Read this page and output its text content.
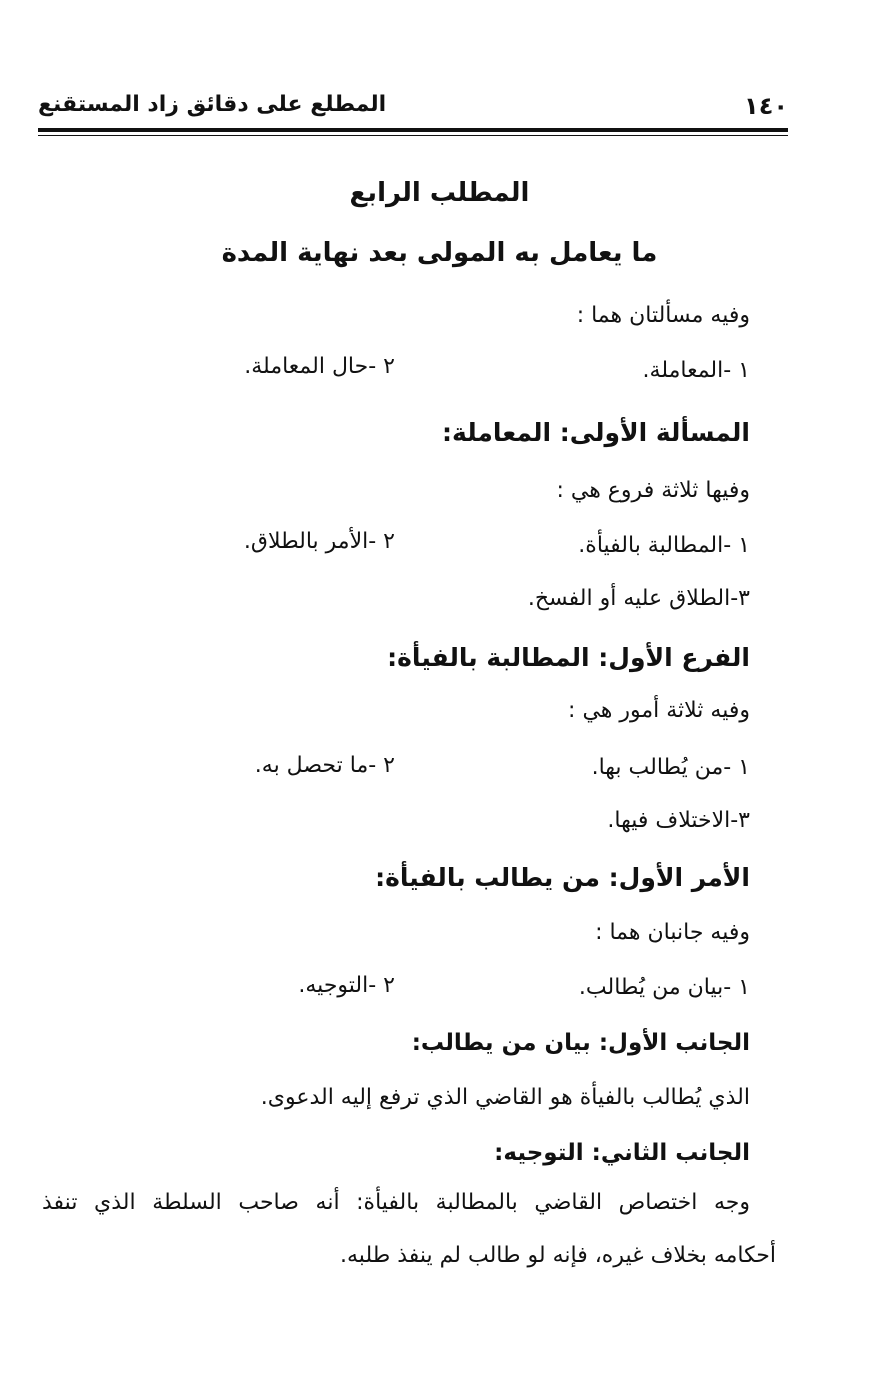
١٤٠
المطلع على دقائق زاد المستقنع
المطلب الرابع
ما يعامل به المولى بعد نهاية المدة
وفيه مسألتان هما :
١ -المعاملة.
٢ -حال المعاملة.
المسألة الأولى: المعاملة:
وفيها ثلاثة فروع هي :
١ -المطالبة بالفيأة.
٢ -الأمر بالطلاق.
٣-الطلاق عليه أو الفسخ.
الفرع الأول: المطالبة بالفيأة:
وفيه ثلاثة أمور هي :
١ -من يُطالب بها.
٢ -ما تحصل به.
٣-الاختلاف فيها.
الأمر الأول: من يطالب بالفيأة:
وفيه جانبان هما :
١ -بيان من يُطالب.
٢ -التوجيه.
الجانب الأول: بيان من يطالب:
الذي يُطالب بالفيأة هو القاضي الذي ترفع إليه الدعوى.
الجانب الثاني: التوجيه:
وجه اختصاص القاضي بالمطالبة بالفيأة: أنه صاحب السلطة الذي تنفذ
أحكامه بخلاف غيره، فإنه لو طالب لم ينفذ طلبه.
